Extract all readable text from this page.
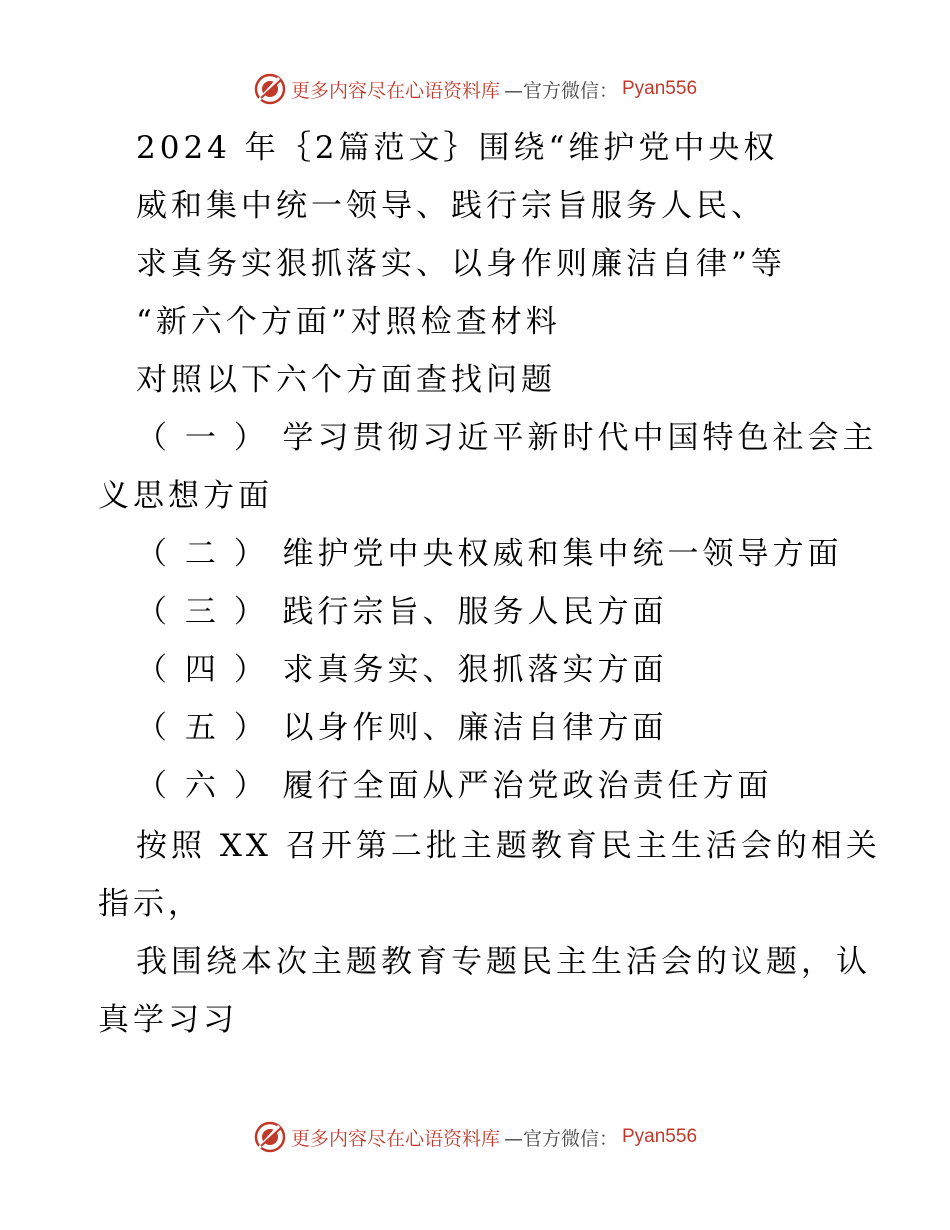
更多内容尽在心语资料库 —官方微信： Pyan556
2024 年｛2篇范文｝围绕“维护党中央权
威和集中统一领导、践行宗旨服务人民、
求真务实狠抓落实、以身作则廉洁自律”等
“新六个方面”对照检查材料
对照以下六个方面查找问题
（ 一 ） 学习贯彻习近平新时代中国特色社会主
义思想方面
（ 二 ） 维护党中央权威和集中统一领导方面
（ 三 ） 践行宗旨、服务人民方面
（ 四 ） 求真务实、狠抓落实方面
（ 五 ） 以身作则、廉洁自律方面
（ 六 ） 履行全面从严治党政治责任方面
按照 XX 召开第二批主题教育民主生活会的相关
指示，
我围绕本次主题教育专题民主生活会的议题，认
真学习习
更多内容尽在心语资料库 —官方微信： Pyan556
